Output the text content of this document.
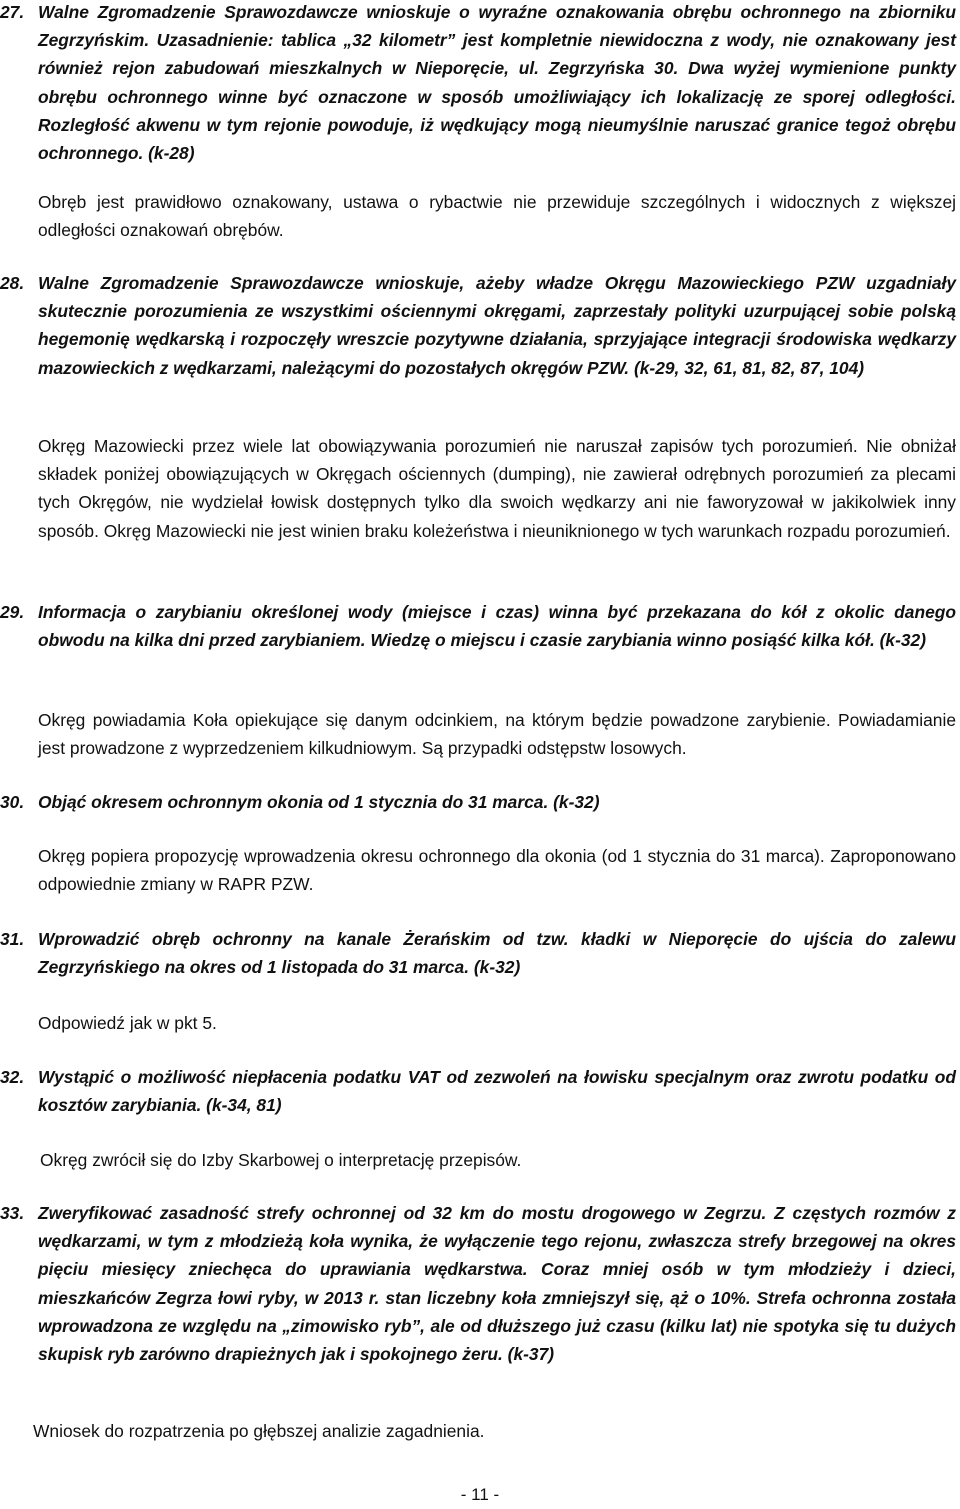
27. Walne Zgromadzenie Sprawozdawcze wnioskuje o wyraźne oznakowania obrębu ochronnego na zbiorniku Zegrzyńskim. Uzasadnienie: tablica „32 kilometr” jest kompletnie niewidoczna z wody, nie oznakowany jest również rejon zabudowań mieszkalnych w Nieporęcie, ul. Zegrzyńska 30. Dwa wyżej wymienione punkty obrębu ochronnego winne być oznaczone w sposób umożliwiający ich lokalizację ze sporej odległości. Rozległość akwenu w tym rejonie powoduje, iż wędkujący mogą nieumyślnie naruszać granice tegoż obrębu ochronnego. (k-28)
Obręb jest prawidłowo oznakowany, ustawa o rybactwie nie przewiduje szczególnych i widocznych z większej odległości oznakowań obrębów.
28. Walne Zgromadzenie Sprawozdawcze wnioskuje, ażeby władze Okręgu Mazowieckiego PZW uzgadniały skutecznie porozumienia ze wszystkimi ościennymi okręgami, zaprzestały polityki uzurpującej sobie polską hegemonię wędkarską i rozpoczęły wreszcie pozytywne działania, sprzyjające integracji środowiska wędkarzy mazowieckich z wędkarzami, należącymi do pozostałych okręgów PZW. (k-29, 32, 61, 81, 82, 87, 104)
Okręg Mazowiecki przez wiele lat obowiązywania porozumień nie naruszał zapisów tych porozumień. Nie obniżał składek poniżej obowiązujących w Okręgach ościennych (dumping), nie zawierał odrębnych porozumień za plecami tych Okręgów, nie wydzielał łowisk dostępnych tylko dla swoich wędkarzy ani nie faworyzował w jakikolwiek inny sposób. Okręg Mazowiecki nie jest winien braku koleżeństwa i nieuniknionego w tych warunkach rozpadu porozumień.
29. Informacja o zarybianiu określonej wody (miejsce i czas) winna być przekazana do kół z okolic danego obwodu na kilka dni przed zarybianiem. Wiedzę o miejscu i czasie zarybiania winno posiąść kilka kół. (k-32)
Okręg powiadamia Koła opiekujące się danym odcinkiem, na którym będzie powadzone zarybienie. Powiadamianie jest prowadzone z wyprzedzeniem kilkudniowym. Są przypadki odstępstw losowych.
30. Objąć okresem ochronnym okonia od 1 stycznia do 31 marca. (k-32)
Okręg popiera propozycję wprowadzenia okresu ochronnego dla okonia (od 1 stycznia do 31 marca). Zaproponowano odpowiednie zmiany w RAPR PZW.
31. Wprowadzić obręb ochronny na kanale Żerańskim od tzw. kładki w Nieporęcie do ujścia do zalewu Zegrzyńskiego na okres od 1 listopada do 31 marca. (k-32)
Odpowiedź jak w pkt 5.
32. Wystąpić o możliwość niepłacenia podatku VAT od zezwoleń na łowisku specjalnym oraz zwrotu podatku od kosztów zarybiania. (k-34, 81)
Okręg zwrócił się do Izby Skarbowej o interpretację przepisów.
33. Zweryfikować zasadność strefy ochronnej od 32 km do mostu drogowego w Zegrzu. Z częstych rozmów z wędkarzami, w tym z młodzieżą koła wynika, że wyłączenie tego rejonu, zwłaszcza strefy brzegowej na okres pięciu miesięcy zniechęca do uprawiania wędkarstwa. Coraz mniej osób w tym młodzieży i dzieci, mieszkańców Zegrza łowi ryby, w 2013 r. stan liczebny koła zmniejszył się, ąż o 10%. Strefa ochronna została wprowadzona ze względu na „zimowisko ryb”, ale od dłuższego już czasu (kilku lat) nie spotyka się tu dużych skupisk ryb zarówno drapieżnych jak i spokojnego żeru. (k-37)
Wniosek do rozpatrzenia po głębszej analizie zagadnienia.
- 11 -
